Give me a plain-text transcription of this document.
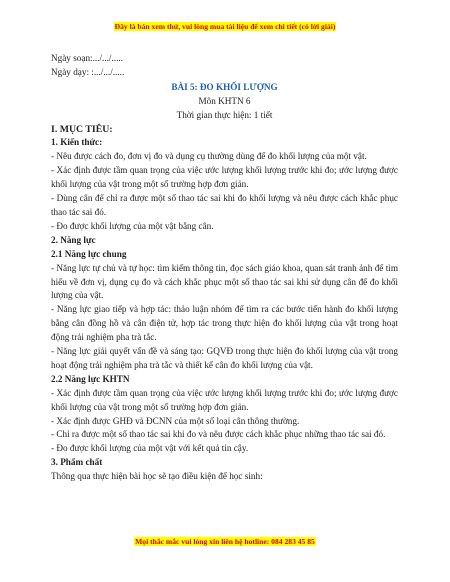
Đây là bản xem thử, vui lòng mua tài liệu để xem chi tiết (có lời giải)

Ngày soạn:.../.../.....

Ngày dạy: :.../.../.....

BÀI 5: ĐO KHỐI LƯỢNG

Môn KHTN 6

Thời gian thực hiện: 1 tiết

I. MỤC TIÊU:

1. Kiến thức:

- Nêu được cách đo, đơn vị đo và dụng cụ thường dùng để đo khối lượng của một vật.

- Xác định được tầm quan trọng của việc ước lượng khối lượng trước khi đo; ước lượng được khối lượng của vật trong một số trường hợp đơn giản.

- Dùng cân để chỉ ra được một số thao tác sai khi đo khối lượng và nêu được cách khắc phục thao tác sai đó.

- Đo được khối lượng của một vật bằng cân.

2. Năng lực

2.1 Năng lực chung

- Năng lực tự chủ và tự học: tìm kiếm thông tin, đọc sách giáo khoa, quan sát tranh ảnh để tìm hiểu về đơn vị, dụng cụ đo và cách khắc phục một số thao tác sai khi sử dụng cân để đo khối lượng của vật.

- Năng lực giao tiếp và hợp tác: thảo luận nhóm để tìm ra các bước tiến hành đo khối lượng bằng cân đồng hồ và cân điện tử, hợp tác trong thực hiện đo khối lượng của vật trong hoạt động trải nghiệm pha trà tắc.

- Năng lực giải quyết vấn đề và sáng tạo: GQVĐ trong thực hiện đo khối lượng của vật trong hoạt động trải nghiệm pha trà tắc và thiết kế cân đo khối lượng của vật.

2.2 Năng lực KHTN

- Xác định được tầm quan trọng của việc ước lượng khối lượng trước khi đo; ước lượng được khối lượng của vật trong một số trường hợp đơn giản.

- Xác định được GHĐ và ĐCNN của một số loại cân thông thường.

- Chỉ ra được một số thao tác sai khi đo và nêu được cách khắc phục những thao tác sai đó.

- Đo được khối lượng của một vật với kết quả tin cậy.

3. Phẩm chất

Thông qua thực hiện bài học sẽ tạo điều kiện để học sinh:

Mọi thắc mắc vui lòng xin liên hệ hotline: 084 283 45 85
